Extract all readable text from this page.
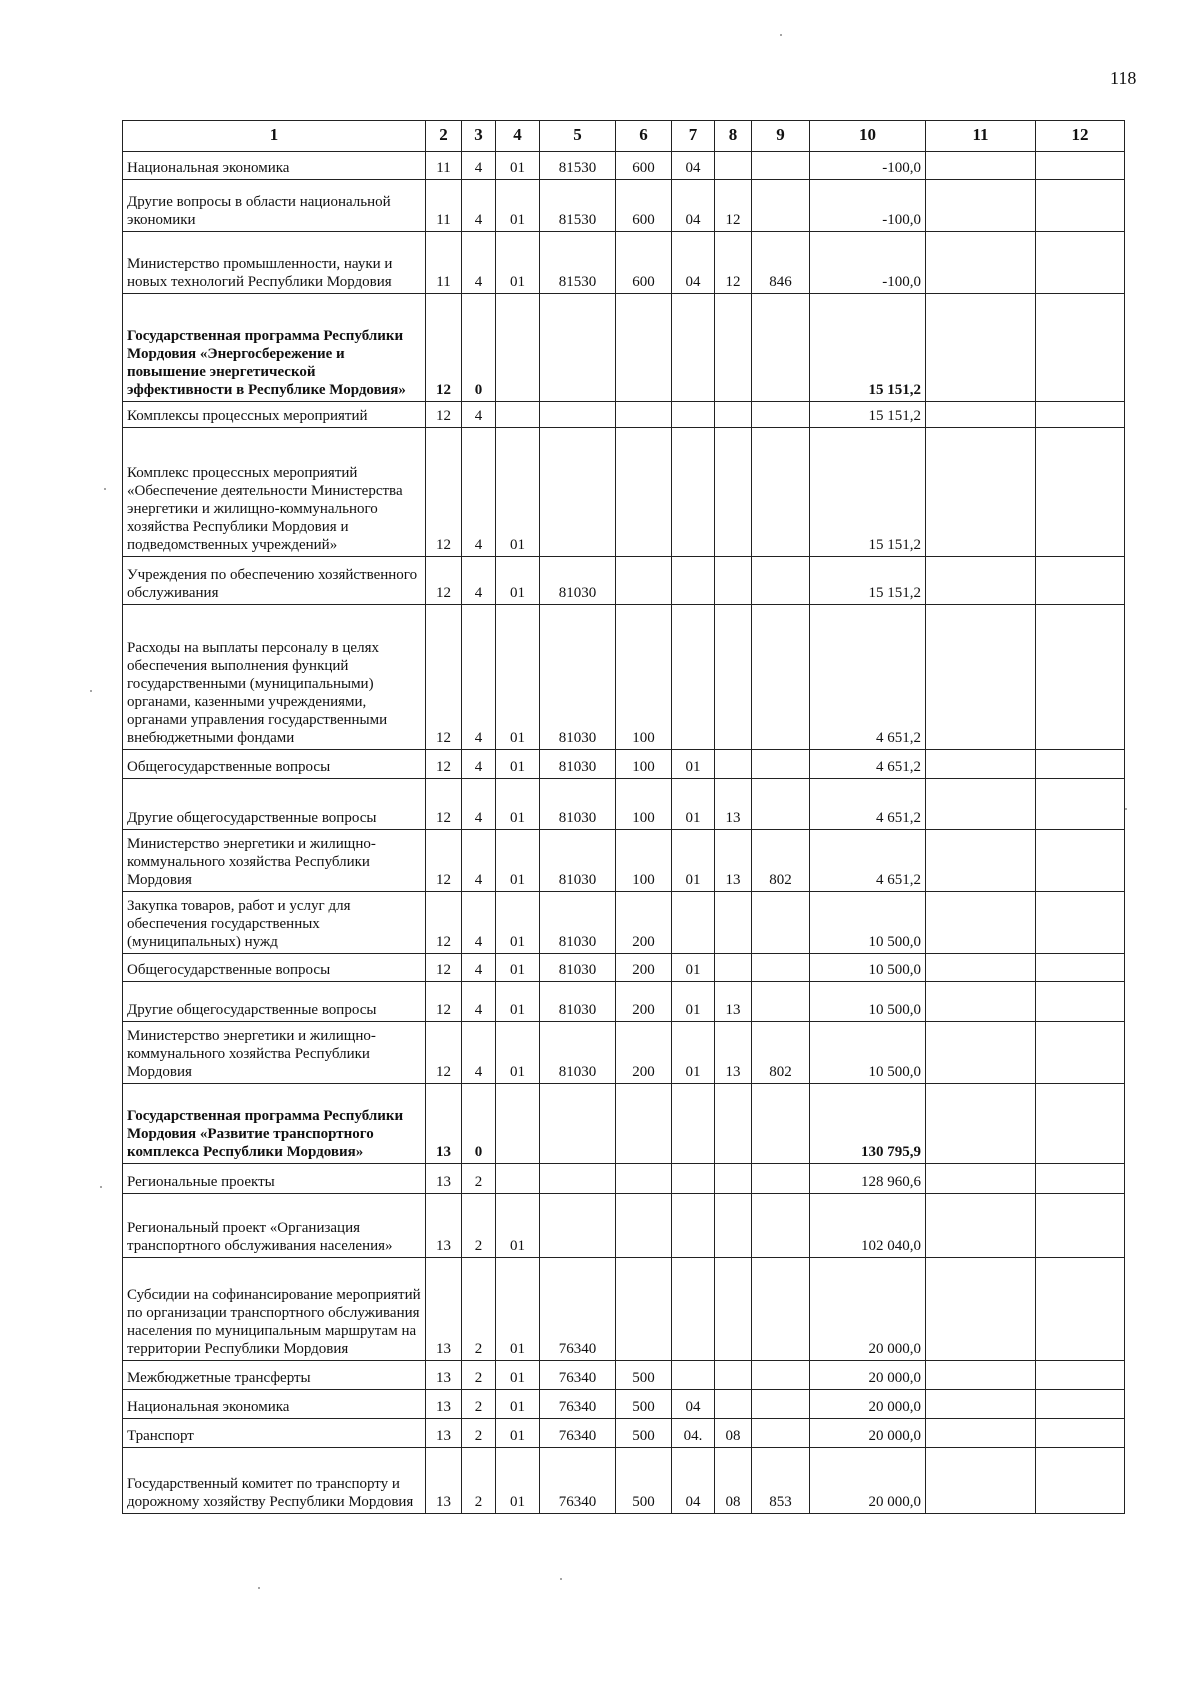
118
1	2	3	4	5	6	7	8	9	10	11	12
Национальная экономика	11	4	01	81530	600	04			-100,0		
Другие вопросы в области национальной экономики	11	4	01	81530	600	04	12		-100,0		
Министерство промышленности, науки и новых технологий Республики Мордовия	11	4	01	81530	600	04	12	846	-100,0		
Государственная программа Республики Мордовия «Энергосбережение и повышение энергетической эффективности в Республике Мордовия»	12	0							15 151,2		
Комплексы процессных мероприятий	12	4							15 151,2		
Комплекс процессных мероприятий «Обеспечение деятельности Министерства энергетики и жилищно-коммунального хозяйства Республики Мордовия и подведомственных учреждений»	12	4	01						15 151,2		
Учреждения по обеспечению хозяйственного обслуживания	12	4	01	81030					15 151,2		
Расходы на выплаты персоналу в целях обеспечения выполнения функций государственными (муниципальными) органами, казенными учреждениями, органами управления государственными внебюджетными фондами	12	4	01	81030	100				4 651,2		
Общегосударственные вопросы	12	4	01	81030	100	01			4 651,2		
Другие общегосударственные вопросы	12	4	01	81030	100	01	13		4 651,2		
Министерство энергетики и жилищно-коммунального хозяйства Республики Мордовия	12	4	01	81030	100	01	13	802	4 651,2		
Закупка товаров, работ и услуг для обеспечения государственных (муниципальных) нужд	12	4	01	81030	200				10 500,0		
Общегосударственные вопросы	12	4	01	81030	200	01			10 500,0		
Другие общегосударственные вопросы	12	4	01	81030	200	01	13		10 500,0		
Министерство энергетики и жилищно-коммунального хозяйства Республики Мордовия	12	4	01	81030	200	01	13	802	10 500,0		
Государственная программа Республики Мордовия «Развитие транспортного комплекса Республики Мордовия»	13	0							130 795,9		
Региональные проекты	13	2							128 960,6		
Региональный проект «Организация транспортного обслуживания населения»	13	2	01						102 040,0		
Субсидии на софинансирование мероприятий по организации транспортного обслуживания населения по муниципальным маршрутам на территории Республики Мордовия	13	2	01	76340					20 000,0		
Межбюджетные трансферты	13	2	01	76340	500				20 000,0		
Национальная экономика	13	2	01	76340	500	04			20 000,0		
Транспорт	13	2	01	76340	500	04.	08		20 000,0		
Государственный комитет по транспорту и дорожному хозяйству Республики Мордовия	13	2	01	76340	500	04	08	853	20 000,0		
